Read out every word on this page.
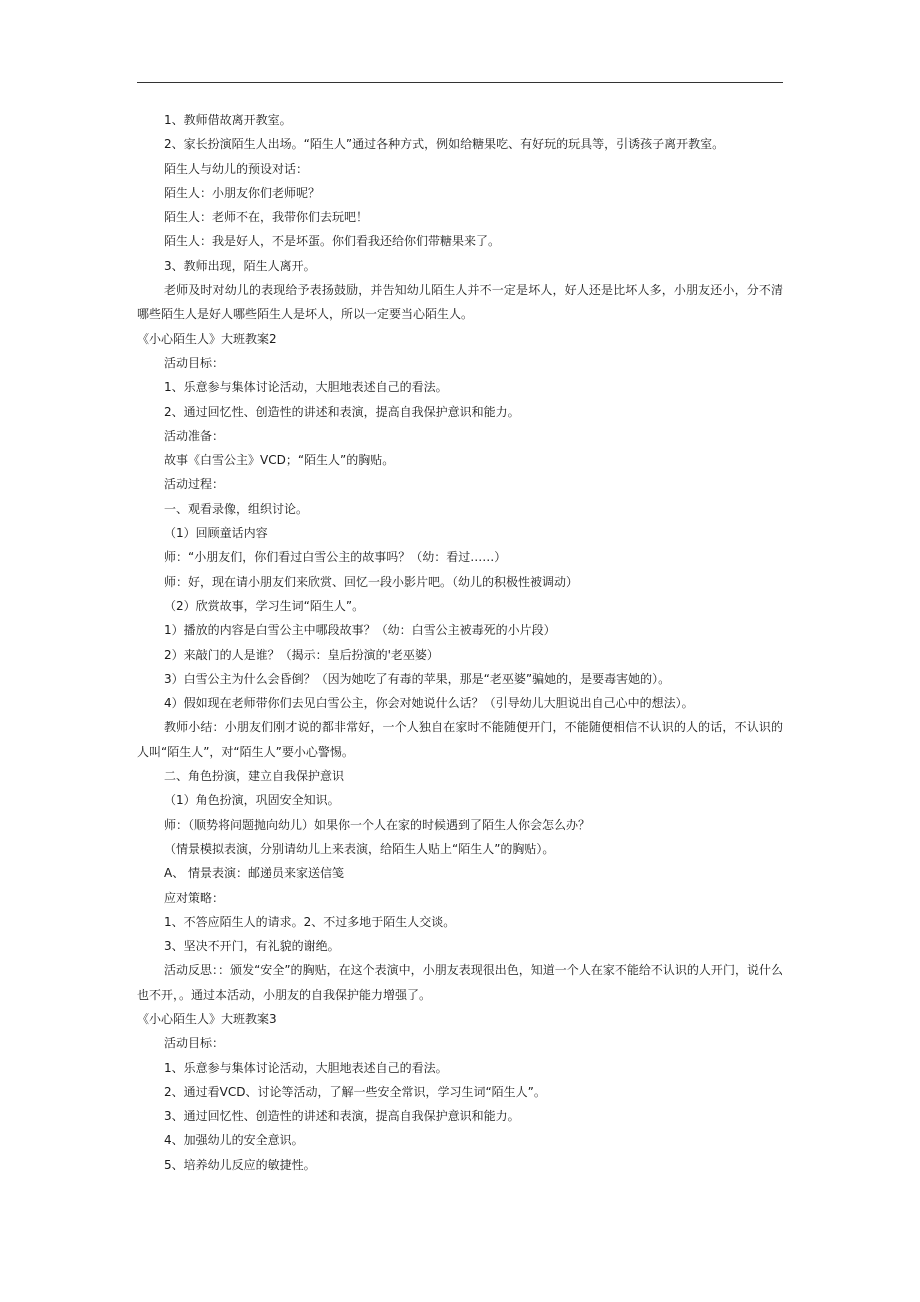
1、教师借故离开教室。

2、家长扮演陌生人出场。“陌生人”通过各种方式，例如给糖果吃、有好玩的玩具等，引诱孩子离开教室。

陌生人与幼儿的预设对话：

陌生人：小朋友你们老师呢？

陌生人：老师不在，我带你们去玩吧！

陌生人：我是好人，不是坏蛋。你们看我还给你们带糖果来了。

3、教师出现，陌生人离开。

老师及时对幼儿的表现给予表扬鼓励，并告知幼儿陌生人并不一定是坏人，好人还是比坏人多，小朋友还小，分不清哪些陌生人是好人哪些陌生人是坏人，所以一定要当心陌生人。

《小心陌生人》大班教案2

活动目标：

1、乐意参与集体讨论活动，大胆地表述自己的看法。

2、通过回忆性、创造性的讲述和表演，提高自我保护意识和能力。

活动准备：

故事《白雪公主》VCD；“陌生人”的胸贴。

活动过程：

一、观看录像，组织讨论。

（1）回顾童话内容

师：“小朋友们，你们看过白雪公主的故事吗？（幼：看过……）

师：好，现在请小朋友们来欣赏、回忆一段小影片吧。（幼儿的积极性被调动）

（2）欣赏故事，学习生词“陌生人”。

1）播放的内容是白雪公主中哪段故事？（幼：白雪公主被毒死的小片段）

2）来敲门的人是谁？（揭示：皇后扮演的'老巫婆）

3）白雪公主为什么会昏倒？（因为她吃了有毒的苹果，那是“老巫婆”骗她的，是要毒害她的）。

4）假如现在老师带你们去见白雪公主，你会对她说什么话？（引导幼儿大胆说出自己心中的想法）。

教师小结：小朋友们刚才说的都非常好，一个人独自在家时不能随便开门，不能随便相信不认识的人的话，不认识的人叫“陌生人”，对“陌生人”要小心警惕。

二、角色扮演，建立自我保护意识

（1）角色扮演，巩固安全知识。

师：（顺势将问题抛向幼儿）如果你一个人在家的时候遇到了陌生人你会怎么办？

（情景模拟表演，分别请幼儿上来表演，给陌生人贴上“陌生人”的胸贴）。

A、 情景表演：邮递员来家送信笺

应对策略：

1、不答应陌生人的请求。2、不过多地于陌生人交谈。

3、坚决不开门，有礼貌的谢绝。

活动反思：：颁发“安全”的胸贴，在这个表演中，小朋友表现很出色，知道一个人在家不能给不认识的人开门，说什么也不开，。通过本活动，小朋友的自我保护能力增强了。

《小心陌生人》大班教案3

活动目标：

1、乐意参与集体讨论活动，大胆地表述自己的看法。

2、通过看VCD、讨论等活动，了解一些安全常识，学习生词“陌生人”。

3、通过回忆性、创造性的讲述和表演，提高自我保护意识和能力。

4、加强幼儿的安全意识。

5、培养幼儿反应的敏捷性。
